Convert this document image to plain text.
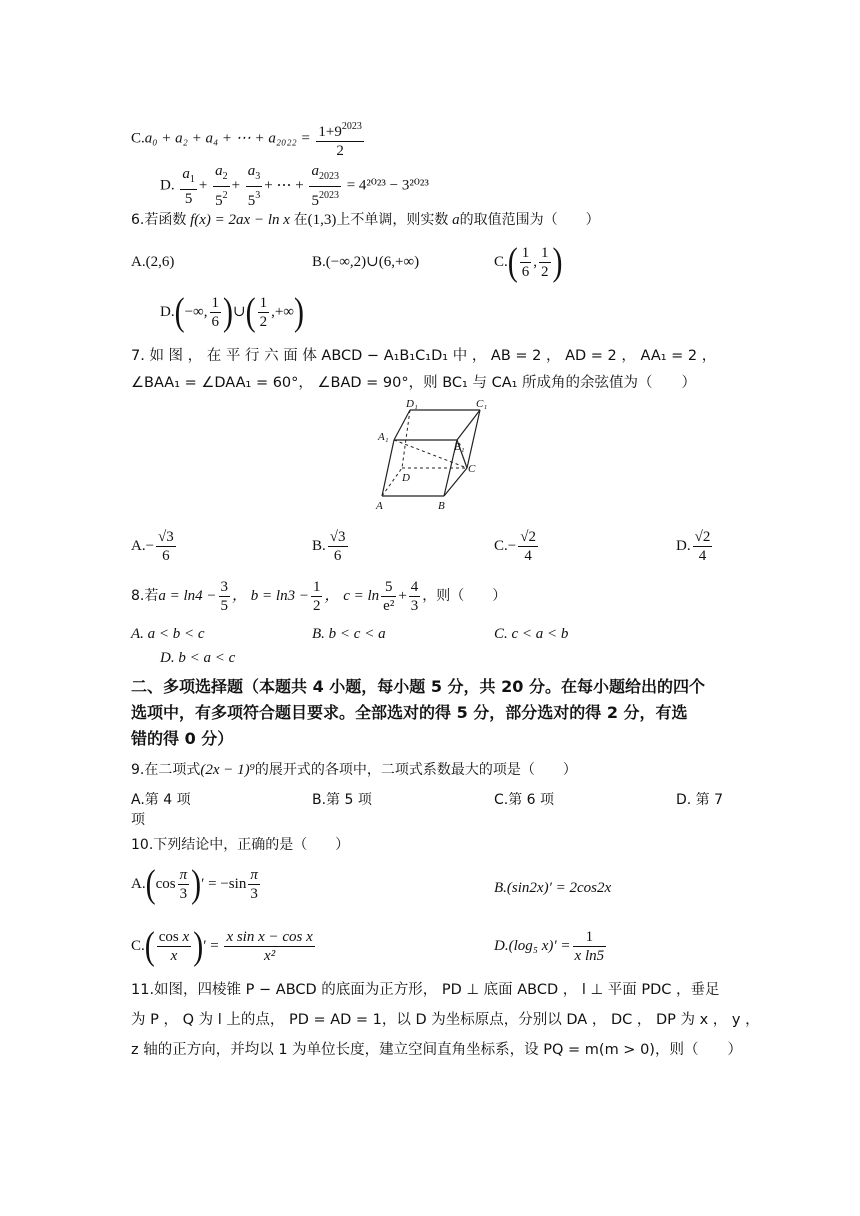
C.a₀ + a₂ + a₄ + ⋯ + $a_{2022} = \frac{1+9^{2023}}{2}$
D. $\frac{a_1}{5} + \frac{a_2}{5^2} + \frac{a_3}{5^3}$ + ⋯ + $\frac{a_{2023}}{5^{2023}} = 4^{2023} - 3^{2023}$
6.若函数 f(x) = 2ax − ln x 在(1,3)上不单调，则实数 a的取值范围为（　　）
A.(2,6)	B.(−∞,2)∪(6,+∞)	$C.( \frac{1}{6}$ , $\frac{1}{2}$ )
D.(−∞, $\frac{1}{6}$ )∪( $\frac{1}{2}$ ,+∞)
7. 如 图 ， 在 平 行 六 面 体 ABCD − A₁B₁C₁D₁ 中 ， AB = 2 ， AD = 2 ， AA₁ = 2 ，
∠BAA₁ = ∠DAA₁ = 60°， ∠BAD = 90°，则 BC₁ 与 CA₁ 所成角的余弦值为（　　）
D₁	C₁
A₁
B₁
C
D
A	B
$A.- \frac{√3}{6}$	B. $\frac{√3}{6}$	$C.- \frac{√2}{4}$	D. $\frac{√2}{4}$
8.若$a = \ln 4 - \frac{3}{5}$ ， $b = \ln 3 - \frac{1}{2}$ ， $c = \ln \frac{5}{\text{e²}} + \frac{4}{3}$ ，则（　　）
A. a < b < c	B. b < c < a	C. c < a < b
D. b < a < c
二、多项选择题（本题共 4 小题，每小题 5 分，共 20 分。在每小题给出的四个
选项中，有多项符合题目要求。全部选对的得 5 分，部分选对的得 2 分，有选
错的得 0 分）
9.在二项式(2x − 1)⁹的展开式的各项中，二项式系数最大的项是（　　）
A.第 4 项	B.第 5 项	C.第 6 项	D. 第 7
项
10.下列结论中，正确的是（　　）
$A.(\cos \frac{\pi}{3}$ )′ = $-\sin \frac{\pi}{3}$	B.(sin2x)′ = 2cos2x
$C.( \frac{\text{cos x}}{x}$ )′ = $\frac{\text{x sin x − cos x}}{\text{x²}}$	D.(log₅ $x)' = \frac{1}{\text{x ln5}}$
11.如图，四棱锥 P − ABCD 的底面为正方形， PD ⊥ 底面 ABCD ， l ⊥ 平面 PDC ，垂足
为 P ， Q 为 l 上的点， PD = AD = 1，以 D 为坐标原点，分别以 DA ， DC ， DP 为 x ， y ，
z 轴的正方向，并均以 1 为单位长度，建立空间直角坐标系，设 PQ = m(m > 0)，则（　　）
